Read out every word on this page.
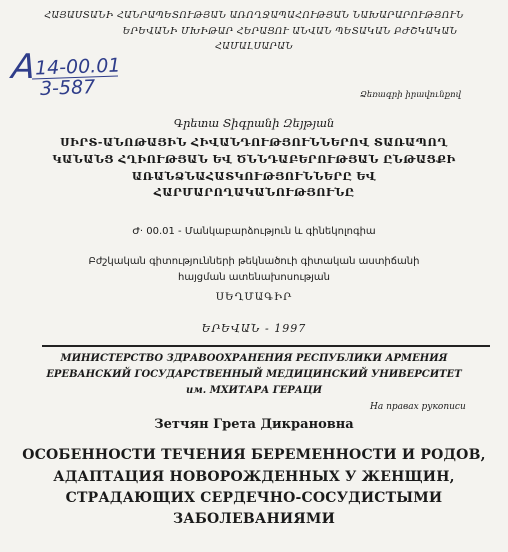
ՀԱՅԱՍՏԱՆԻ ՀԱՆՐԱՊԵՏՈՒԹՅԱՆ ԱՌՈՂՋԱՊԱՀՈՒԹՅԱՆ ՆԱԽԱՐԱՐՈՒԹՅՈՒՆ
ԵՐԵՎԱՆԻ ՄԽԻԹԱՐ ՀԵՐԱՑՈՒ ԱՆՎԱՆ ՊԵՏԱԿԱՆ ԲԺՇԿԱԿԱՆ
ՀԱՄԱԼՍԱՐԱՆ
A
14-00.01
3-587	Ձեռագրի իրավունքով
Գրետա Տիգրանի Զեյթյան
ՍԻՐՏ-ԱՆՈԹԱՅԻՆ ՀԻՎԱՆԴՈՒԹՅՈՒՆՆԵՐՈՎ ՏԱՌԱՊՈՂ
ԿԱՆԱՆՑ ՀՂԻՈՒԹՅԱՆ ԵՎ ԾՆՆԴԱԲԵՐՈՒԹՅԱՆ ԸՆԹԱՑՔԻ
ԱՌԱՆՁՆԱՀԱՏԿՈՒԹՅՈՒՆՆԵՐԸ ԵՎ
ՀԱՐՄԱՐՈՂԱԿԱՆՈՒԹՅՈՒՆԸ
Ժ· 00.01 - Մանկաբարձություն և գինեկոլոգիա
Բժշկական գիտությունների թեկնածուի գիտական աստիճանի
հայցման ատենախոսության
ՍԵՂՄԱԳԻՐ
ԵՐԵՎԱՆ - 1997
МИНИСТЕРСТВО ЗДРАВООХРАНЕНИЯ РЕСПУБЛИКИ АРМЕНИЯ
ЕРЕВАНСКИЙ ГОСУДАРСТВЕННЫЙ МЕДИЦИНСКИЙ УНИВЕРСИТЕТ
им. МХИТАРА ГЕРАЦИ
На правах рукописи
Зетчян Грета Дикрановна
ОСОБЕННОСТИ ТЕЧЕНИЯ БЕРЕМЕННОСТИ И РОДОВ,
АДАПТАЦИЯ НОВОРОЖДЕННЫХ У ЖЕНЩИН,
СТРАДАЮЩИХ СЕРДЕЧНО-СОСУДИСТЫМИ
ЗАБОЛЕВАНИЯМИ
